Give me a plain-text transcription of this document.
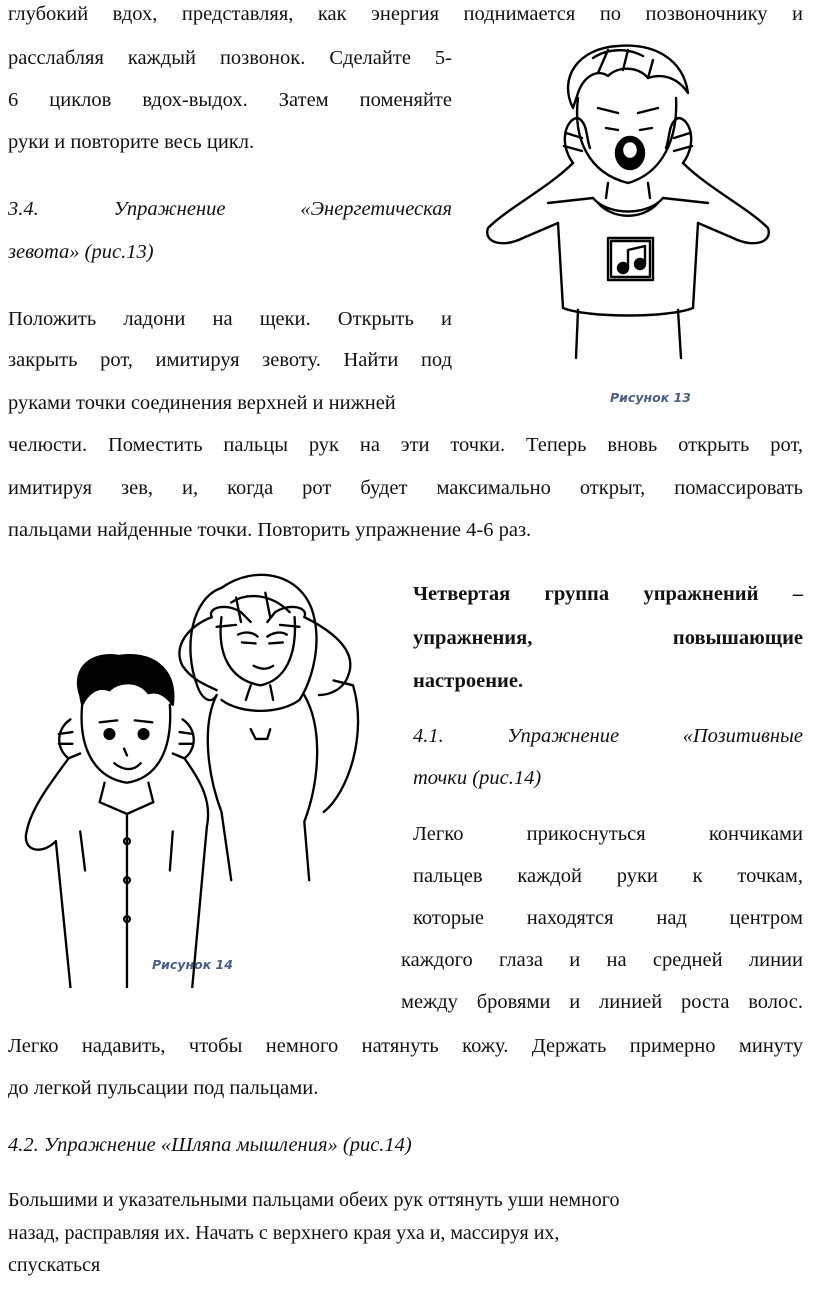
глубокий вдох, представляя, как энергия поднимается по позвоночнику и
расслабляя каждый позвонок. Сделайте 5-
6 циклов вдох-выдох. Затем поменяйте
руки и повторите весь цикл.
3.4. Упражнение «Энергетическая
зевота» (рис.13)
Положить ладони на щеки. Открыть и
закрыть рот, имитируя зевоту. Найти под
руками точки соединения верхней и нижней
челюсти. Поместить пальцы рук на эти точки. Теперь вновь открыть рот,
имитируя зев, и, когда рот будет максимально открыт, помассировать
пальцами найденные точки. Повторить упражнение 4-6 раз.
Рисунок 13
Рисунок 14
Четвертая группа упражнений –
упражнения, повышающие
настроение.
4.1. Упражнение «Позитивные
точки (рис.14)
Легко прикоснуться кончиками
пальцев каждой руки к точкам,
которые находятся над центром
каждого глаза и на средней линии
между бровями и линией роста волос.
Легко надавить, чтобы немного натянуть кожу. Держать примерно минуту
до легкой пульсации под пальцами.
4.2. Упражнение «Шляпа мышления» (рис.14)
Большими и указательными пальцами обеих рук оттянуть уши немного
назад, расправляя их. Начать с верхнего края уха и, массируя их,
спускаться
